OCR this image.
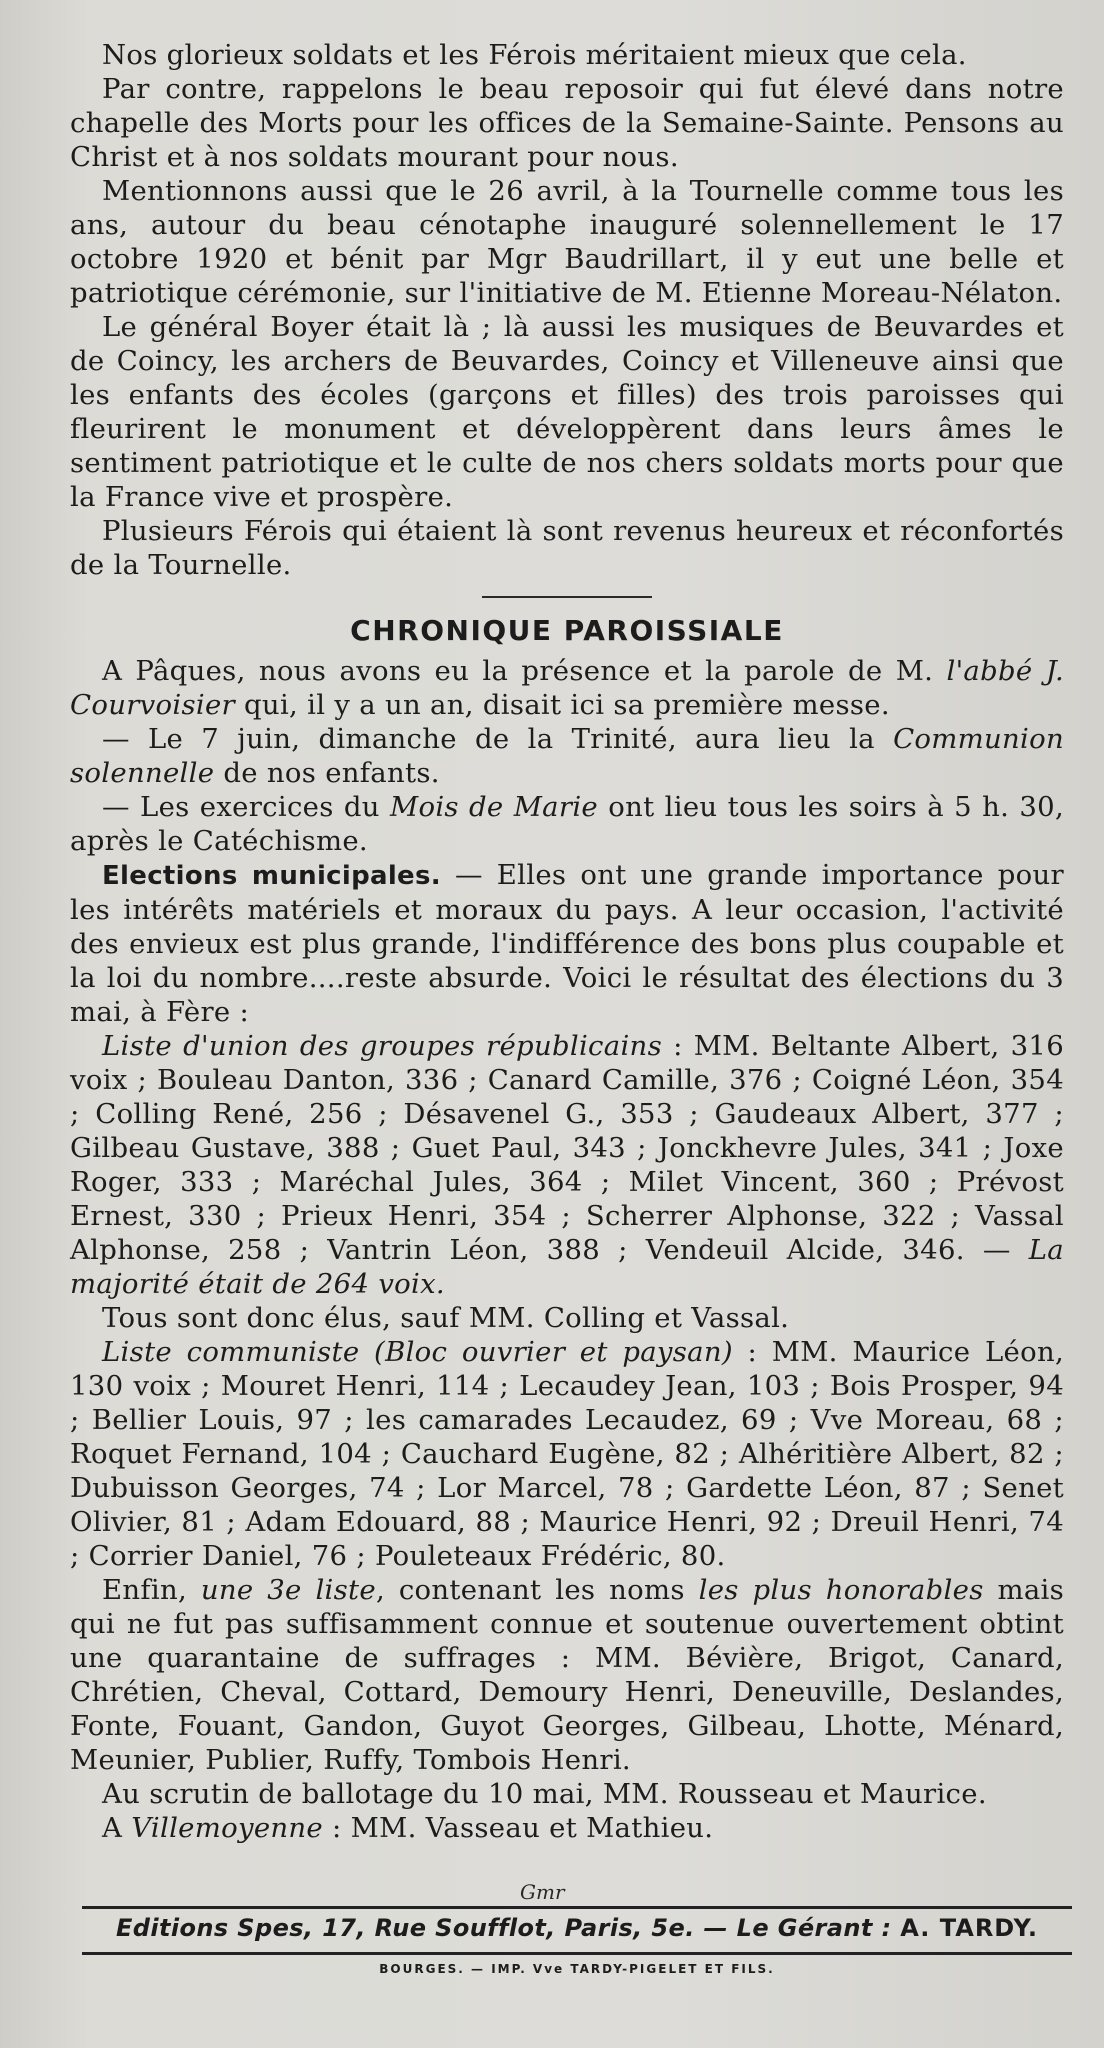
Nos glorieux soldats et les Férois méritaient mieux que cela.

Par contre, rappelons le beau reposoir qui fut élevé dans notre chapelle des Morts pour les offices de la Semaine-Sainte. Pensons au Christ et à nos soldats mourant pour nous.

Mentionnons aussi que le 26 avril, à la Tournelle comme tous les ans, autour du beau cénotaphe inauguré solennellement le 17 octobre 1920 et bénit par Mgr Baudrillart, il y eut une belle et patriotique cérémonie, sur l'initiative de M. Etienne Moreau-Nélaton.

Le général Boyer était là ; là aussi les musiques de Beuvardes et de Coincy, les archers de Beuvardes, Coincy et Villeneuve ainsi que les enfants des écoles (garçons et filles) des trois paroisses qui fleurirent le monument et développèrent dans leurs âmes le sentiment patriotique et le culte de nos chers soldats morts pour que la France vive et prospère.

Plusieurs Férois qui étaient là sont revenus heureux et réconfortés de la Tournelle.

CHRONIQUE PAROISSIALE

A Pâques, nous avons eu la présence et la parole de M. l'abbé J. Courvoisier qui, il y a un an, disait ici sa première messe.

— Le 7 juin, dimanche de la Trinité, aura lieu la Communion solennelle de nos enfants.

— Les exercices du Mois de Marie ont lieu tous les soirs à 5 h. 30, après le Catéchisme.

Elections municipales. — Elles ont une grande importance pour les intérêts matériels et moraux du pays. A leur occasion, l'activité des envieux est plus grande, l'indifférence des bons plus coupable et la loi du nombre....reste absurde. Voici le résultat des élections du 3 mai, à Fère :

Liste d'union des groupes républicains : MM. Beltante Albert, 316 voix ; Bouleau Danton, 336 ; Canard Camille, 376 ; Coigné Léon, 354 ; Colling René, 256 ; Désavenel G., 353 ; Gaudeaux Albert, 377 ; Gilbeau Gustave, 388 ; Guet Paul, 343 ; Jonckhevre Jules, 341 ; Joxe Roger, 333 ; Maréchal Jules, 364 ; Milet Vincent, 360 ; Prévost Ernest, 330 ; Prieux Henri, 354 ; Scherrer Alphonse, 322 ; Vassal Alphonse, 258 ; Vantrin Léon, 388 ; Vendeuil Alcide, 346. — La majorité était de 264 voix.

Tous sont donc élus, sauf MM. Colling et Vassal.

Liste communiste (Bloc ouvrier et paysan) : MM. Maurice Léon, 130 voix ; Mouret Henri, 114 ; Lecaudey Jean, 103 ; Bois Prosper, 94 ; Bellier Louis, 97 ; les camarades Lecaudez, 69 ; Vve Moreau, 68 ; Roquet Fernand, 104 ; Cauchard Eugène, 82 ; Alhéritière Albert, 82 ; Dubuisson Georges, 74 ; Lor Marcel, 78 ; Gardette Léon, 87 ; Senet Olivier, 81 ; Adam Edouard, 88 ; Maurice Henri, 92 ; Dreuil Henri, 74 ; Corrier Daniel, 76 ; Pouleteaux Frédéric, 80.

Enfin, une 3e liste, contenant les noms les plus honorables mais qui ne fut pas suffisamment connue et soutenue ouvertement obtint une quarantaine de suffrages : MM. Bévière, Brigot, Canard, Chrétien, Cheval, Cottard, Demoury Henri, Deneuville, Deslandes, Fonte, Fouant, Gandon, Guyot Georges, Gilbeau, Lhotte, Ménard, Meunier, Publier, Ruffy, Tombois Henri.

Au scrutin de ballotage du 10 mai, MM. Rousseau et Maurice.

A Villemoyenne : MM. Vasseau et Mathieu.

Gmr
Editions Spes, 17, Rue Soufflot, Paris, 5e. — Le Gérant : A. TARDY.
BOURGES. — IMP. Vve TARDY-PIGELET ET FILS.
